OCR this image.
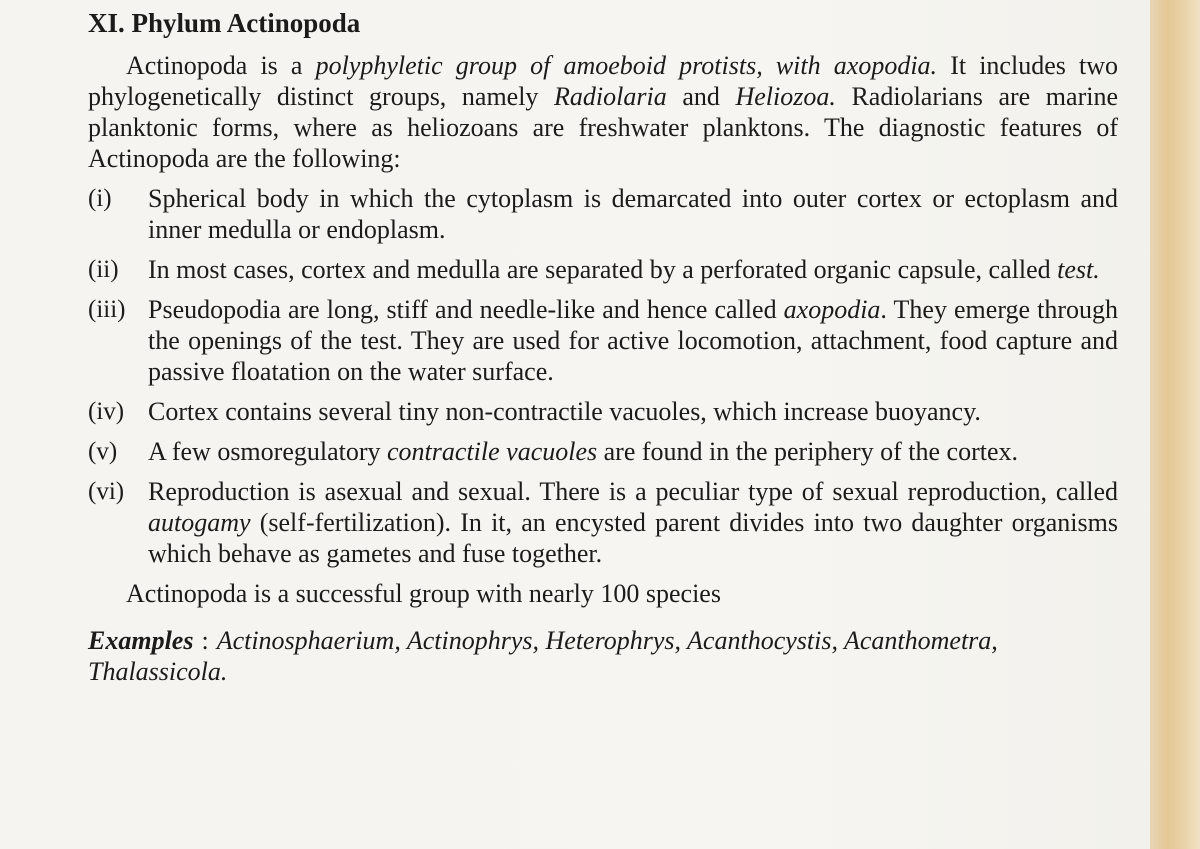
XI. Phylum Actinopoda

Actinopoda is a polyphyletic group of amoeboid protists, with axopodia. It includes two phylogenetically distinct groups, namely Radiolaria and Heliozoa. Radiolarians are marine planktonic forms, where as heliozoans are freshwater planktons. The diagnostic features of Actinopoda are the following:

(i)	Spherical body in which the cytoplasm is demarcated into outer cortex or ectoplasm and inner medulla or endoplasm.
(ii)	In most cases, cortex and medulla are separated by a perforated organic capsule, called test.
(iii) Pseudopodia are long, stiff and needle-like and hence called axopodia. They emerge through the openings of the test. They are used for active locomotion, attachment, food capture and passive floatation on the water surface.
(iv) Cortex contains several tiny non-contractile vacuoles, which increase buoyancy.
(v)	A few osmoregulatory contractile vacuoles are found in the periphery of the cortex.
(vi) Reproduction is asexual and sexual. There is a peculiar type of sexual reproduction, called autogamy (self-fertilization). In it, an encysted parent divides into two daughter organisms which behave as gametes and fuse together.

Actinopoda is a successful group with nearly 100 species

Examples : Actinosphaerium, Actinophrys, Heterophrys, Acanthocystis, Acanthometra, Thalassicola.
